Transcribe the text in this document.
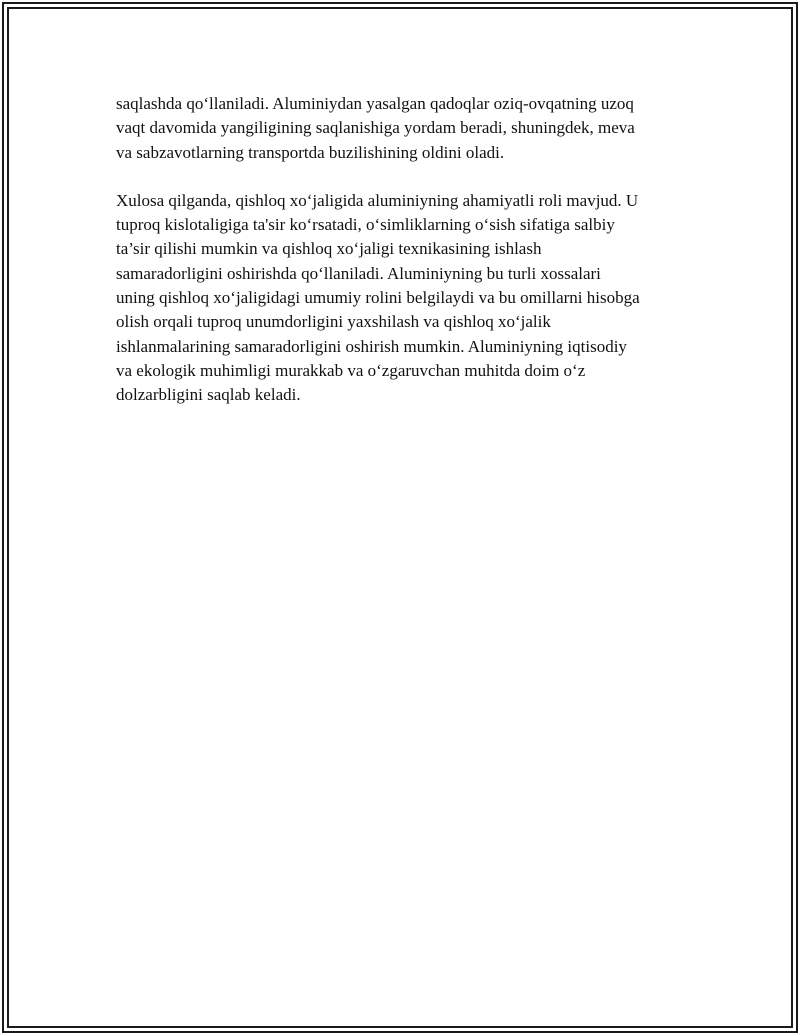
saqlashda qo‘llaniladi. Aluminiydan yasalgan qadoqlar oziq-ovqatning uzoq
vaqt davomida yangiligining saqlanishiga yordam beradi, shuningdek, meva
va sabzavotlarning transportda buzilishining oldini oladi.

Xulosa qilganda, qishloq xo‘jaligida aluminiyning ahamiyatli roli mavjud. U
tuproq kislotaligiga ta'sir ko‘rsatadi, o‘simliklarning o‘sish sifatiga salbiy
ta’sir qilishi mumkin va qishloq xo‘jaligi texnikasining ishlash
samaradorligini oshirishda qo‘llaniladi. Aluminiyning bu turli xossalari
uning qishloq xo‘jaligidagi umumiy rolini belgilaydi va bu omillarni hisobga
olish orqali tuproq unumdorligini yaxshilash va qishloq xo‘jalik
ishlanmalarining samaradorligini oshirish mumkin. Aluminiyning iqtisodiy
va ekologik muhimligi murakkab va o‘zgaruvchan muhitda doim o‘z
dolzarbligini saqlab keladi.
